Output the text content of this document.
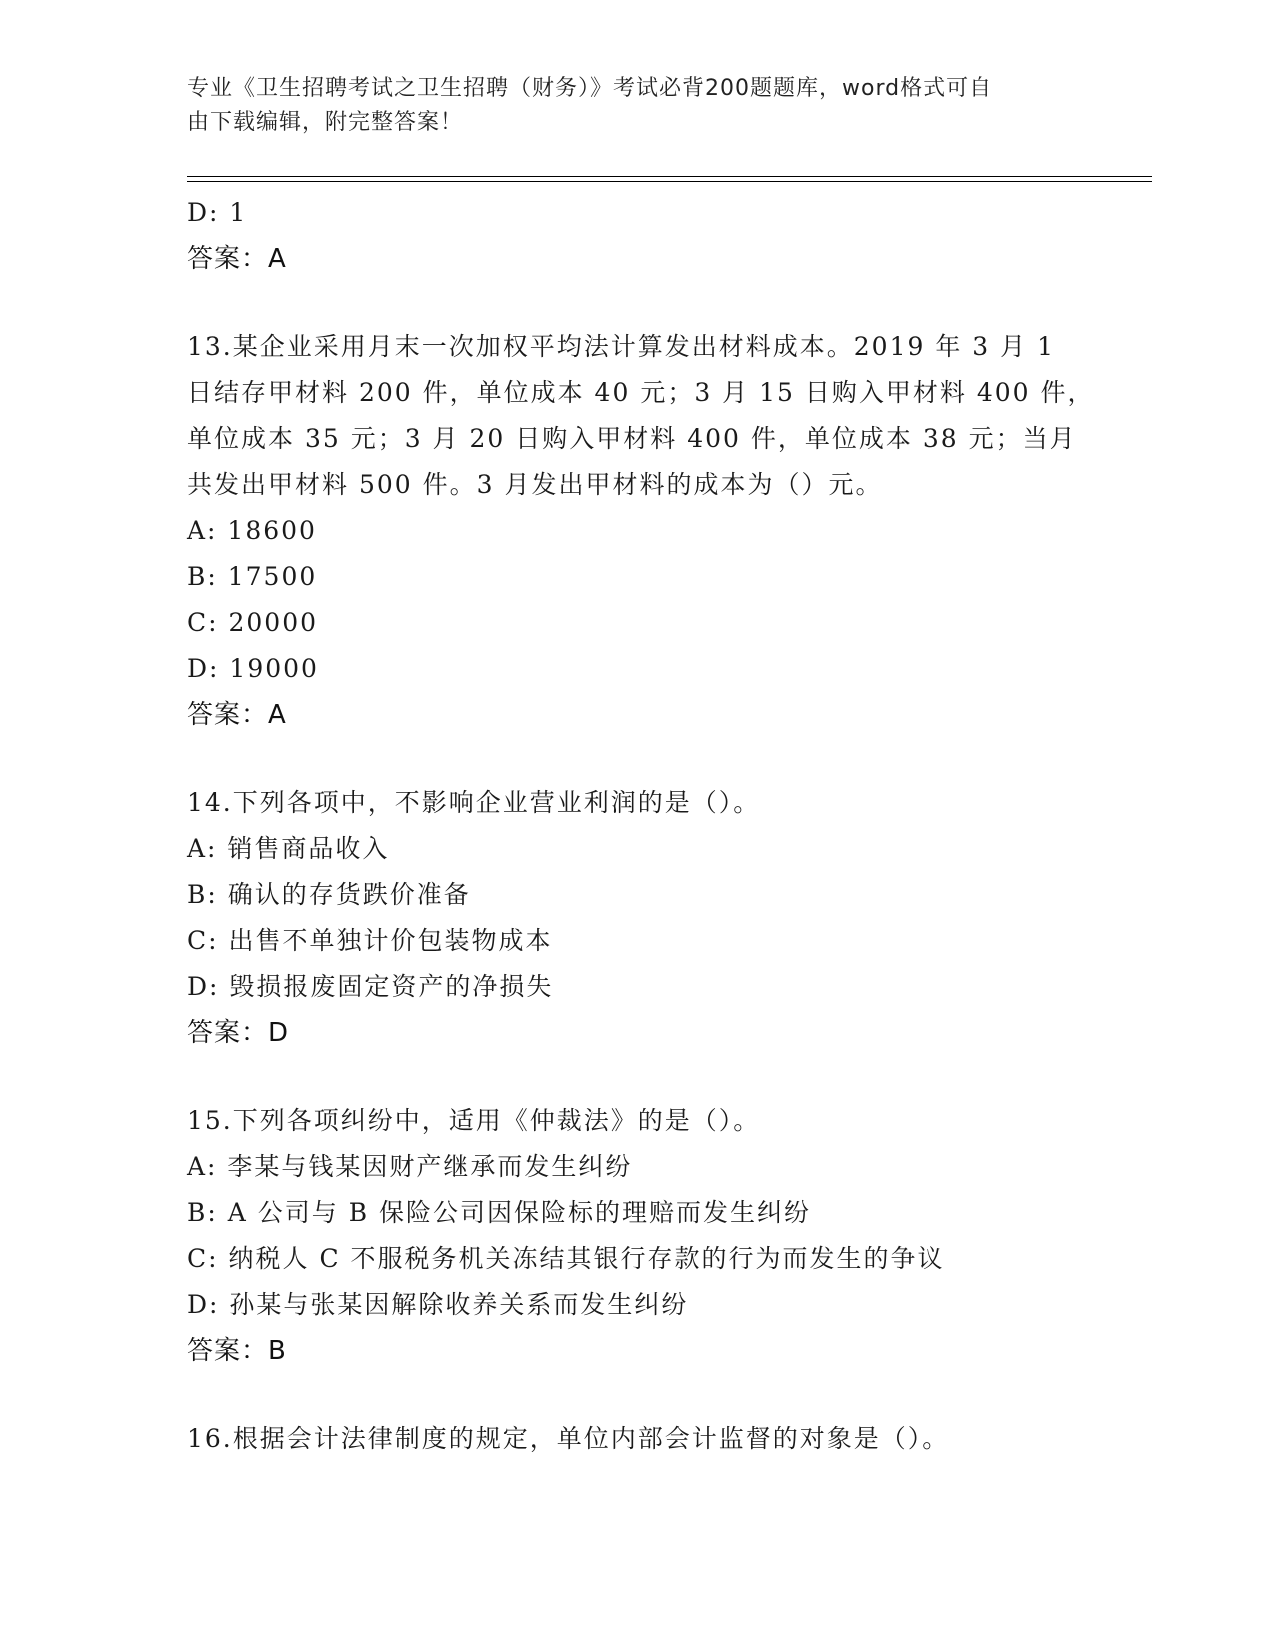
专业《卫生招聘考试之卫生招聘（财务）》考试必背200题题库，word格式可自
由下载编辑，附完整答案！

D: 1

答案：A

13.某企业采用月末一次加权平均法计算发出材料成本。2019 年 3 月 1

日结存甲材料 200 件，单位成本 40 元；3 月 15 日购入甲材料 400 件，

单位成本 35 元；3 月 20 日购入甲材料 400 件，单位成本 38 元；当月

共发出甲材料 500 件。3 月发出甲材料的成本为（）元。

A: 18600

B: 17500

C: 20000

D: 19000

答案：A

14.下列各项中，不影响企业营业利润的是（）。

A: 销售商品收入

B: 确认的存货跌价准备

C: 出售不单独计价包装物成本

D: 毁损报废固定资产的净损失

答案：D

15.下列各项纠纷中，适用《仲裁法》的是（）。

A: 李某与钱某因财产继承而发生纠纷

B: A 公司与 B 保险公司因保险标的理赔而发生纠纷

C: 纳税人 C 不服税务机关冻结其银行存款的行为而发生的争议

D: 孙某与张某因解除收养关系而发生纠纷

答案：B

16.根据会计法律制度的规定，单位内部会计监督的对象是（）。
